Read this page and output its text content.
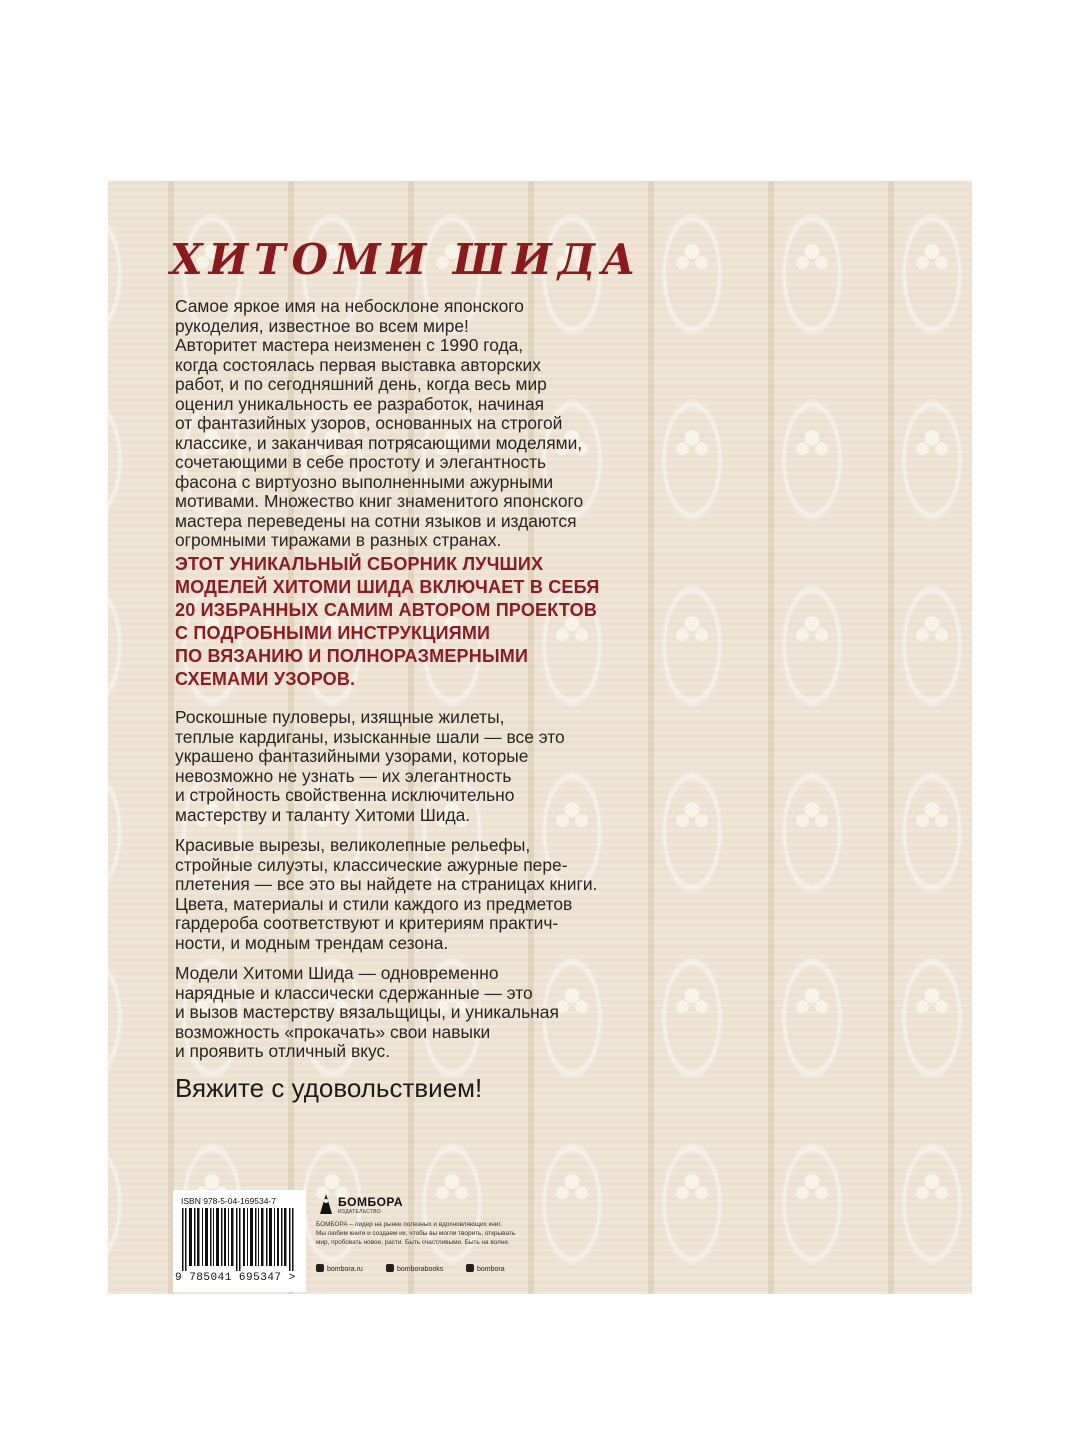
ХИТОМИ ШИДА

Самое яркое имя на небосклоне японского
рукоделия, известное во всем мире!
Авторитет мастера неизменен с 1990 года,
когда состоялась первая выставка авторских
работ, и по сегодняшний день, когда весь мир
оценил уникальность ее разработок, начиная
от фантазийных узоров, основанных на строгой
классике, и заканчивая потрясающими моделями,
сочетающими в себе простоту и элегантность
фасона с виртуозно выполненными ажурными
мотивами. Множество книг знаменитого японского
мастера переведены на сотни языков и издаются
огромными тиражами в разных странах.

ЭТОТ УНИКАЛЬНЫЙ СБОРНИК ЛУЧШИХ
МОДЕЛЕЙ ХИТОМИ ШИДА ВКЛЮЧАЕТ В СЕБЯ
20 ИЗБРАННЫХ САМИМ АВТОРОМ ПРОЕКТОВ
С ПОДРОБНЫМИ ИНСТРУКЦИЯМИ
ПО ВЯЗАНИЮ И ПОЛНОРАЗМЕРНЫМИ
СХЕМАМИ УЗОРОВ.

Роскошные пуловеры, изящные жилеты,
теплые кардиганы, изысканные шали — все это
украшено фантазийными узорами, которые
невозможно не узнать — их элегантность
и стройность свойственна исключительно
мастерству и таланту Хитоми Шида.

Красивые вырезы, великолепные рельефы,
стройные силуэты, классические ажурные пере-
плетения — все это вы найдете на страницах книги.
Цвета, материалы и стили каждого из предметов
гардероба соответствуют и критериям практич-
ности, и модным трендам сезона.

Модели Хитоми Шида — одновременно
нарядные и классически сдержанные — это
и вызов мастерству вязальщицы, и уникальная
возможность «прокачать» свои навыки
и проявить отличный вкус.

Вяжите с удовольствием!
ISBN 978-5-04-169534-7
9 785041 695347 >
БОМБОРА
ИЗДАТЕЛЬСТВО
БОМБОРА – лидер на рынке полезных и вдохновляющих книг.
Мы любим книги и создаем их, чтобы вы могли творить, открывать
мир, пробовать новое, расти. Быть счастливыми. Быть на волне.
bombora.ru	bomborabooks	bombora
